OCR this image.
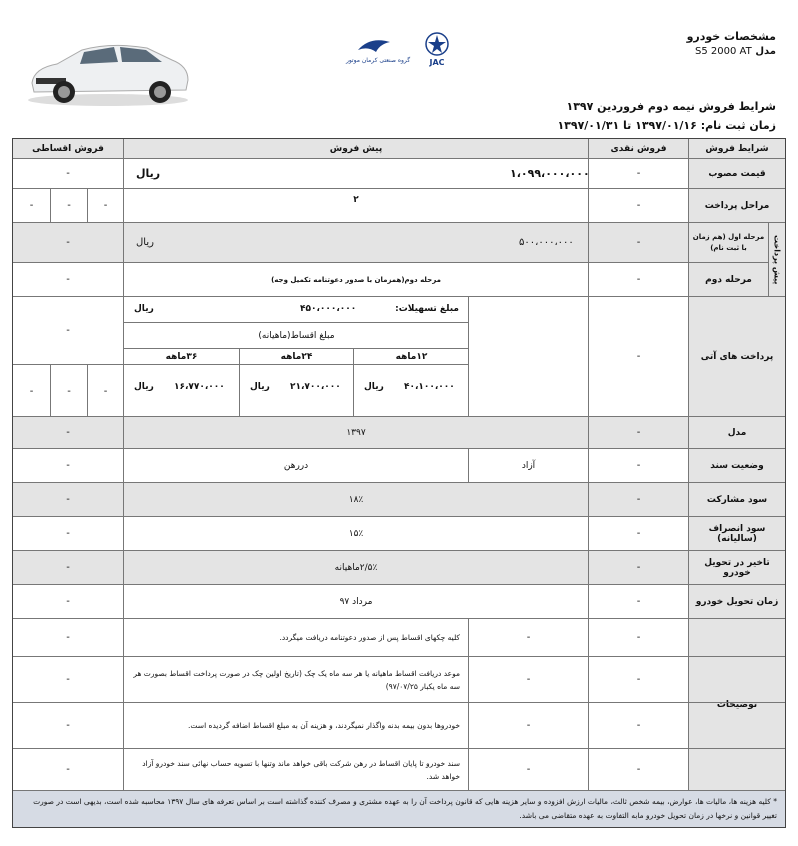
گروه صنعتی کرمان موتور JAC
مشخصات خودرو
مدل
S5 2000 AT
شرایط فروش نیمه دوم فروردین ۱۳۹۷
زمان ثبت نام: ۱۳۹۷/۰۱/۱۶ تا ۱۳۹۷/۰۱/۳۱
شرایط فروش
فروش نقدی
پیش فروش
فروش اقساطی
قیمت مصوب
-
۱،۰۹۹،۰۰۰،۰۰۰
ریال
-
مراحل پرداخت
-
۲
-
-
-
مرحله اول (هم زمان با ثبت نام)
-
۵۰۰،۰۰۰،۰۰۰
ریال
-
مرحله دوم
-
مرحله دوم(همزمان با صدور دعوتنامه تکمیل وجه)
-	پیش پرداخت
پرداخت های آتی
-
مبلغ تسهیلات:
۴۵۰،۰۰۰،۰۰۰
ریال
مبلغ اقساط(ماهیانه)
۱۲ماهه
۲۴ماهه
۳۶ماهه
۴۰،۱۰۰،۰۰۰
ریال
۲۱،۷۰۰،۰۰۰
ریال
۱۶،۷۷۰،۰۰۰
ریال
-
-
-
-
مدل
-
۱۳۹۷
-
وضعیت سند
-
آزاد
دررهن
-
سود مشارکت
-
۱۸٪
-
سود انصراف (سالیانه)
-
۱۵٪
-
تاخیر در تحویل خودرو
-
۲/۵٪ماهیانه
-
زمان تحویل خودرو
-
مرداد ۹۷
-
توضیحات
-
-
کلیه چکهای اقساط پس از صدور دعوتنامه دریافت میگردد.
-
-
-
موعد دریافت اقساط ماهیانه یا هر سه ماه یک چک (تاریخ اولین چک در صورت پرداخت اقساط بصورت هر سه ماه یکبار ۹۷/۰۷/۲۵)
-
-
-
خودروها بدون بیمه بدنه واگذار نمیگردند، و هزینه آن به مبلغ اقساط اضافه گردیده است.
-
-
-
سند خودرو تا پایان اقساط در رهن شرکت باقی خواهد ماند وتنها با تسویه حساب نهائی سند خودرو آزاد خواهد شد.
-
* کلیه هزینه ها، مالیات ها، عوارض، بیمه شخص ثالث، مالیات ارزش افزوده و سایر هزینه هایی که قانون پرداخت آن را به عهده مشتری و مصرف کننده گذاشته است بر اساس تعرفه های سال ۱۳۹۷ محاسبه شده است، بدیهی است در صورت تغییر قوانین و نرخها در زمان تحویل خودرو مابه التفاوت به عهده متقاضی می باشد.
